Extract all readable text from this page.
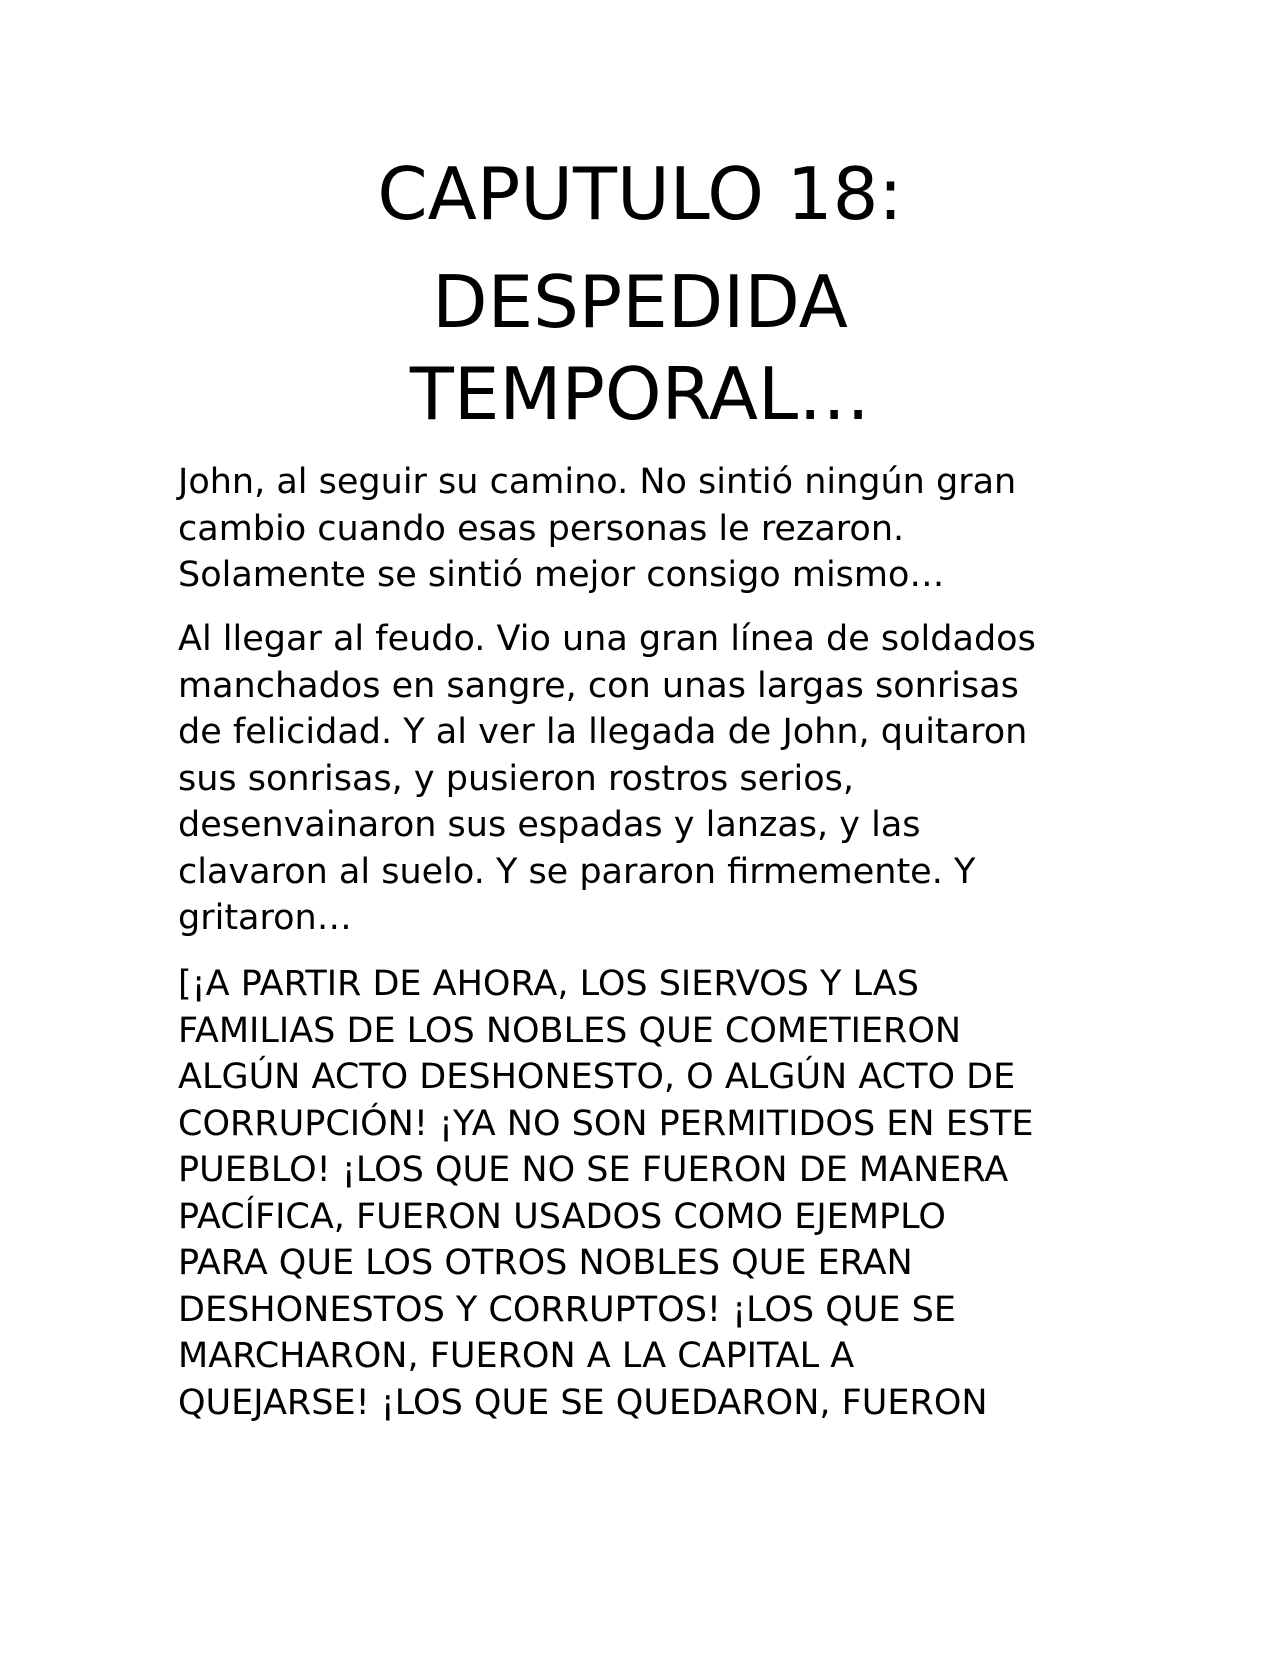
CAPUTULO 18:
DESPEDIDA
TEMPORAL…

John, al seguir su camino. No sintió ningún gran
cambio cuando esas personas le rezaron.
Solamente se sintió mejor consigo mismo…

Al llegar al feudo. Vio una gran línea de soldados
manchados en sangre, con unas largas sonrisas
de felicidad. Y al ver la llegada de John, quitaron
sus sonrisas, y pusieron rostros serios,
desenvainaron sus espadas y lanzas, y las
clavaron al suelo. Y se pararon firmemente. Y
gritaron…

[¡A PARTIR DE AHORA, LOS SIERVOS Y LAS
FAMILIAS DE LOS NOBLES QUE COMETIERON
ALGÚN ACTO DESHONESTO, O ALGÚN ACTO DE
CORRUPCIÓN! ¡YA NO SON PERMITIDOS EN ESTE
PUEBLO! ¡LOS QUE NO SE FUERON DE MANERA
PACÍFICA, FUERON USADOS COMO EJEMPLO
PARA QUE LOS OTROS NOBLES QUE ERAN
DESHONESTOS Y CORRUPTOS! ¡LOS QUE SE
MARCHARON, FUERON A LA CAPITAL A
QUEJARSE! ¡LOS QUE SE QUEDARON, FUERON
